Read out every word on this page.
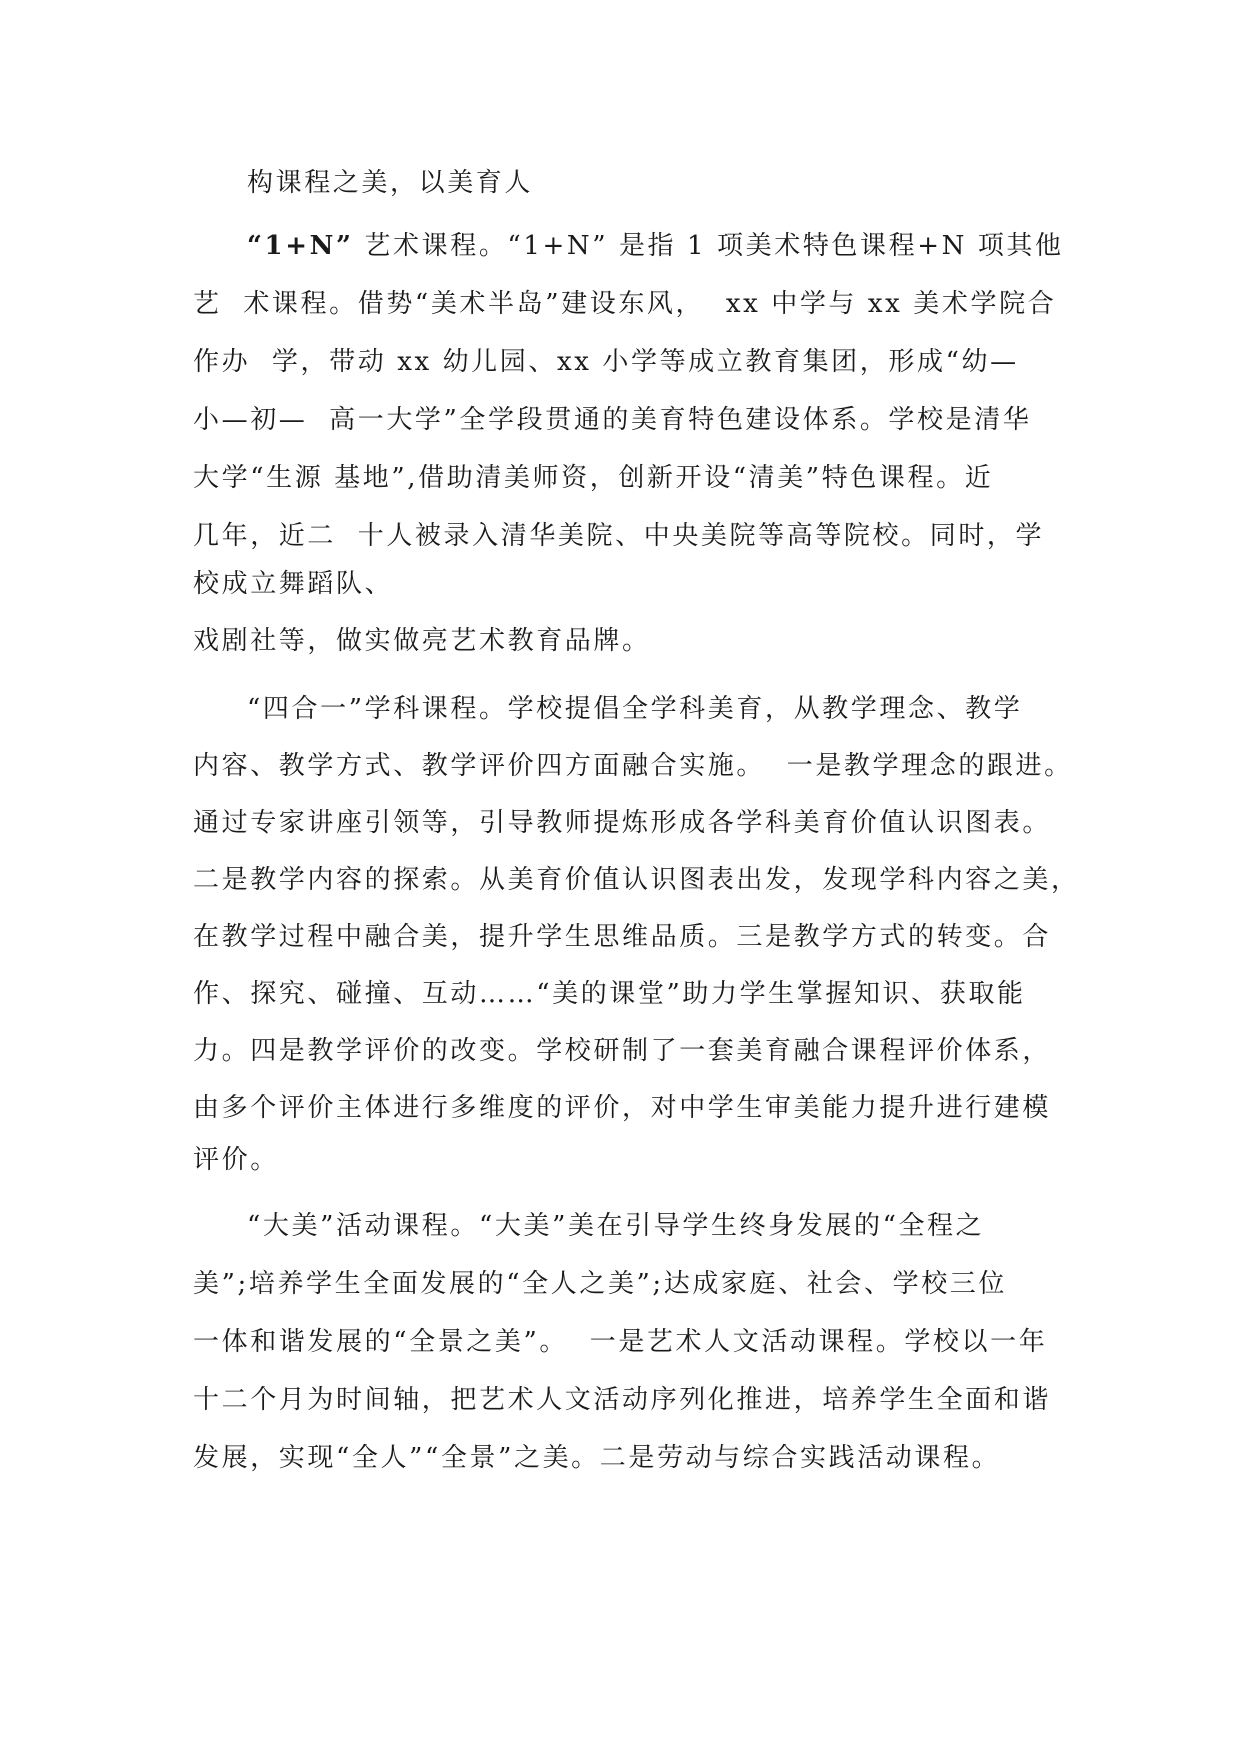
构课程之美，以美育人
“1+N” 艺术课程。“1+N” 是指 1 项美术特色课程+N 项其他
艺  术课程。借势“美术半岛”建设东风，  xx 中学与 xx 美术学院合
作办  学，带动 xx 幼儿园、xx 小学等成立教育集团，形成“幼—
小—初—  高一大学”全学段贯通的美育特色建设体系。学校是清华
大学“生源 基地”,借助清美师资，创新开设“清美”特色课程。近
几年，近二  十人被录入清华美院、中央美院等高等院校。同时，学
校成立舞蹈队、
戏剧社等，做实做亮艺术教育品牌。
“四合一”学科课程。学校提倡全学科美育，从教学理念、教学
内容、教学方式、教学评价四方面融合实施。  一是教学理念的跟进。
通过专家讲座引领等，引导教师提炼形成各学科美育价值认识图表。
二是教学内容的探索。从美育价值认识图表出发，发现学科内容之美，
在教学过程中融合美，提升学生思维品质。三是教学方式的转变。合
作、探究、碰撞、互动……“美的课堂”助力学生掌握知识、获取能
力。四是教学评价的改变。学校研制了一套美育融合课程评价体系，
由多个评价主体进行多维度的评价，对中学生审美能力提升进行建模
评价。
“大美”活动课程。“大美”美在引导学生终身发展的“全程之
美”;培养学生全面发展的“全人之美”;达成家庭、社会、学校三位
一体和谐发展的“全景之美”。  一是艺术人文活动课程。学校以一年
十二个月为时间轴，把艺术人文活动序列化推进，培养学生全面和谐
发展，实现“全人”“全景”之美。二是劳动与综合实践活动课程。
